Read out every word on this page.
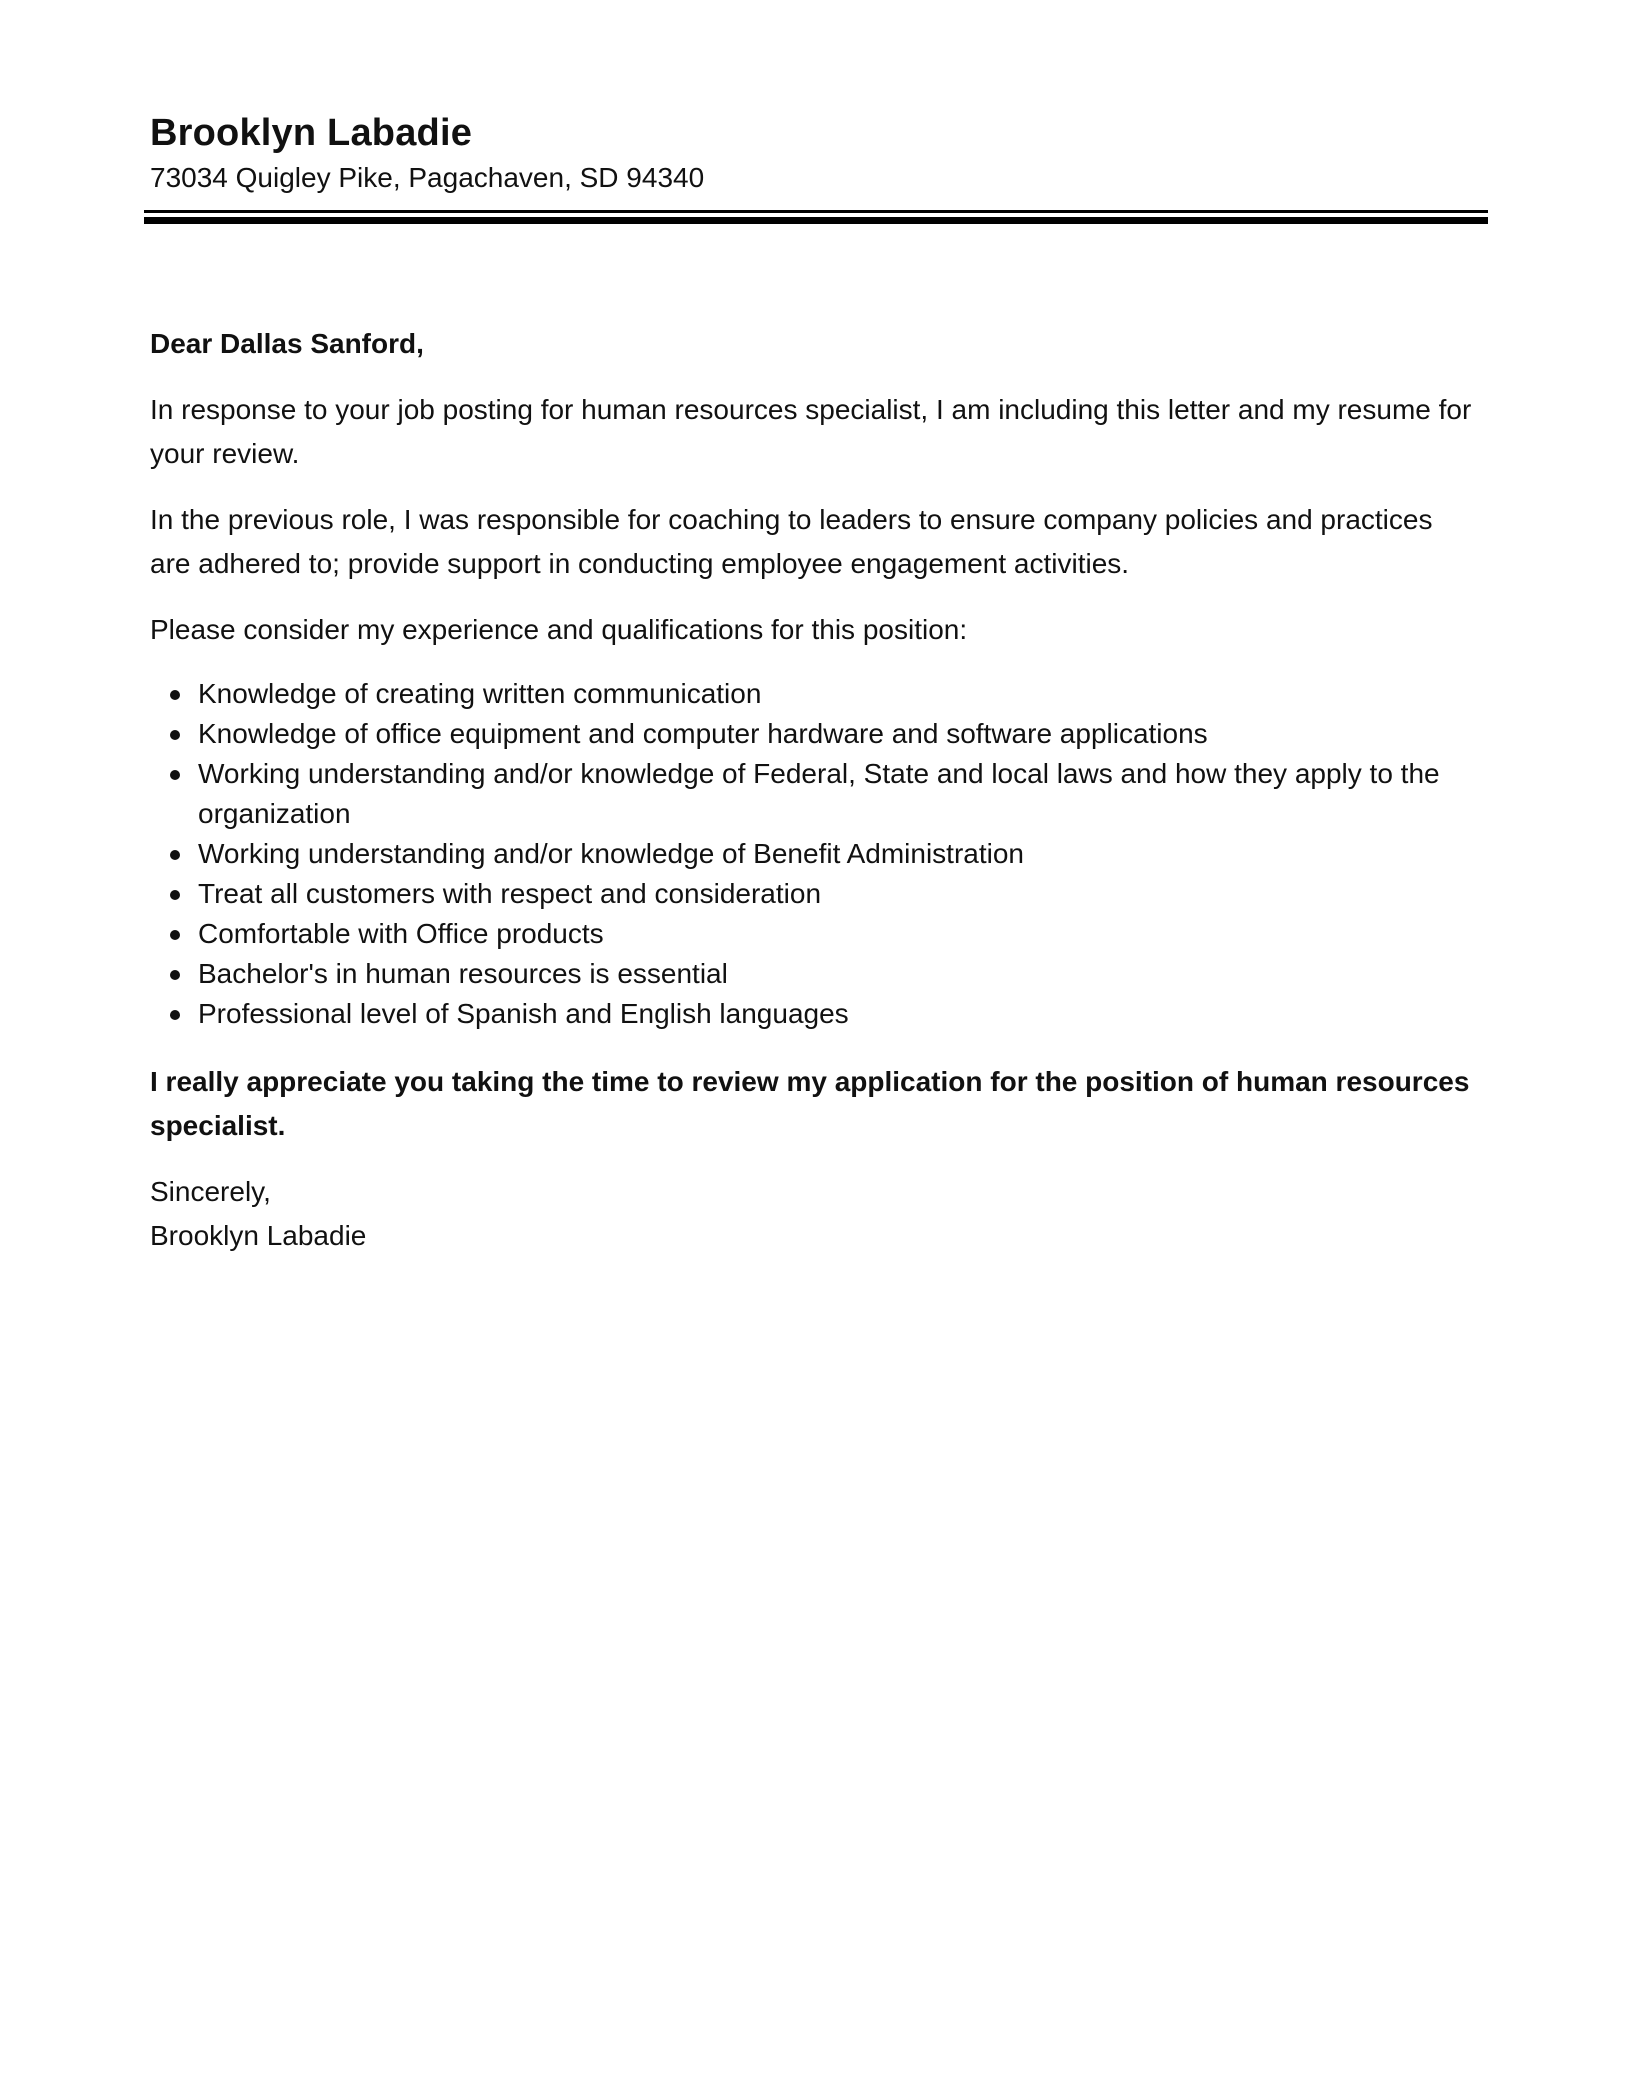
Brooklyn Labadie

73034 Quigley Pike, Pagachaven, SD 94340

Dear Dallas Sanford,

In response to your job posting for human resources specialist, I am including this letter and my resume for your review.

In the previous role, I was responsible for coaching to leaders to ensure company policies and practices are adhered to; provide support in conducting employee engagement activities.

Please consider my experience and qualifications for this position:

Knowledge of creating written communication
Knowledge of office equipment and computer hardware and software applications
Working understanding and/or knowledge of Federal, State and local laws and how they apply to the organization
Working understanding and/or knowledge of Benefit Administration
Treat all customers with respect and consideration
Comfortable with Office products
Bachelor's in human resources is essential
Professional level of Spanish and English languages

I really appreciate you taking the time to review my application for the position of human resources specialist.

Sincerely,

Brooklyn Labadie
